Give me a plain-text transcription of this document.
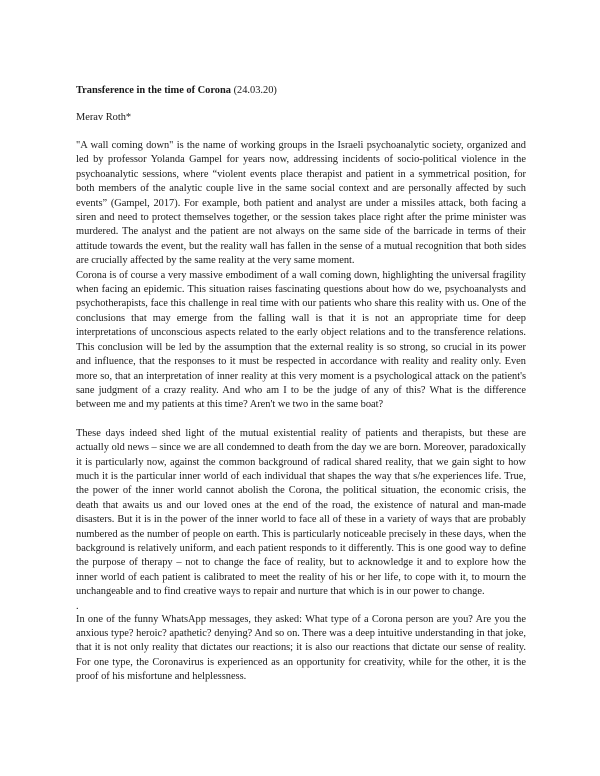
Transference in the time of Corona (24.03.20)

Merav Roth*

"A wall coming down" is the name of working groups in the Israeli psychoanalytic society, organized and led by professor Yolanda Gampel for years now, addressing incidents of socio-political violence in the psychoanalytic sessions, where “violent events place therapist and patient in a symmetrical position, for both members of the analytic couple live in the same social context and are personally affected by such events” (Gampel, 2017). For example, both patient and analyst are under a missiles attack, both facing a siren and need to protect themselves together, or the session takes place right after the prime minister was murdered. The analyst and the patient are not always on the same side of the barricade in terms of their attitude towards the event, but the reality wall has fallen in the sense of a mutual recognition that both sides are crucially affected by the same reality at the very same moment.

Corona is of course a very massive embodiment of a wall coming down, highlighting the universal fragility when facing an epidemic. This situation raises fascinating questions about how do we, psychoanalysts and psychotherapists, face this challenge in real time with our patients who share this reality with us. One of the conclusions that may emerge from the falling wall is that it is not an appropriate time for deep interpretations of unconscious aspects related to the early object relations and to the transference relations. This conclusion will be led by the assumption that the external reality is so strong, so crucial in its power and influence, that the responses to it must be respected in accordance with reality and reality only. Even more so, that an interpretation of inner reality at this very moment is a psychological attack on the patient's sane judgment of a crazy reality. And who am I to be the judge of any of this? What is the difference between me and my patients at this time? Aren't we two in the same boat?

These days indeed shed light of the mutual existential reality of patients and therapists, but these are actually old news – since we are all condemned to death from the day we are born. Moreover, paradoxically it is particularly now, against the common background of radical shared reality, that we gain sight to how much it is the particular inner world of each individual that shapes the way that s/he experiences life. True, the power of the inner world cannot abolish the Corona, the political situation, the economic crisis, the death that awaits us and our loved ones at the end of the road, the existence of natural and man-made disasters. But it is in the power of the inner world to face all of these in a variety of ways that are probably numbered as the number of people on earth. This is particularly noticeable precisely in these days, when the background is relatively uniform, and each patient responds to it differently. This is one good way to define the purpose of therapy – not to change the face of reality, but to acknowledge it and to explore how the inner world of each patient is calibrated to meet the reality of his or her life, to cope with it, to mourn the unchangeable and to find creative ways to repair and nurture that which is in our power to change.

.

In one of the funny WhatsApp messages, they asked: What type of a Corona person are you? Are you the anxious type? heroic? apathetic? denying? And so on. There was a deep intuitive understanding in that joke, that it is not only reality that dictates our reactions; it is also our reactions that dictate our sense of reality. For one type, the Coronavirus is experienced as an opportunity for creativity, while for the other, it is the proof of his misfortune and helplessness.
